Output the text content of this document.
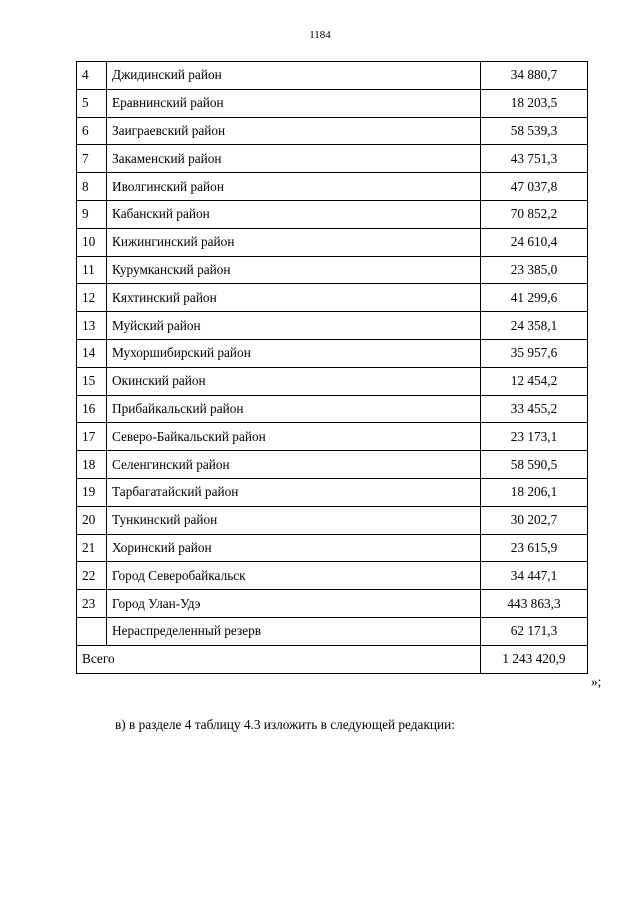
1184
4	Джидинский район	34 880,7
5	Еравнинский район	18 203,5
6	Заиграевский район	58 539,3
7	Закаменский район	43 751,3
8	Иволгинский район	47 037,8
9	Кабанский район	70 852,2
10	Кижингинский район	24 610,4
11	Курумканский район	23 385,0
12	Кяхтинский район	41 299,6
13	Муйский район	24 358,1
14	Мухоршибирский район	35 957,6
15	Окинский район	12 454,2
16	Прибайкальский район	33 455,2
17	Северо-Байкальский район	23 173,1
18	Селенгинский район	58 590,5
19	Тарбагатайский район	18 206,1
20	Тункинский район	30 202,7
21	Хоринский район	23 615,9
22	Город Северобайкальск	34 447,1
23	Город Улан-Удэ	443 863,3
	Нераспределенный резерв	62 171,3
Всего		1 243 420,9
»;
в) в разделе 4 таблицу 4.3 изложить в следующей редакции:
